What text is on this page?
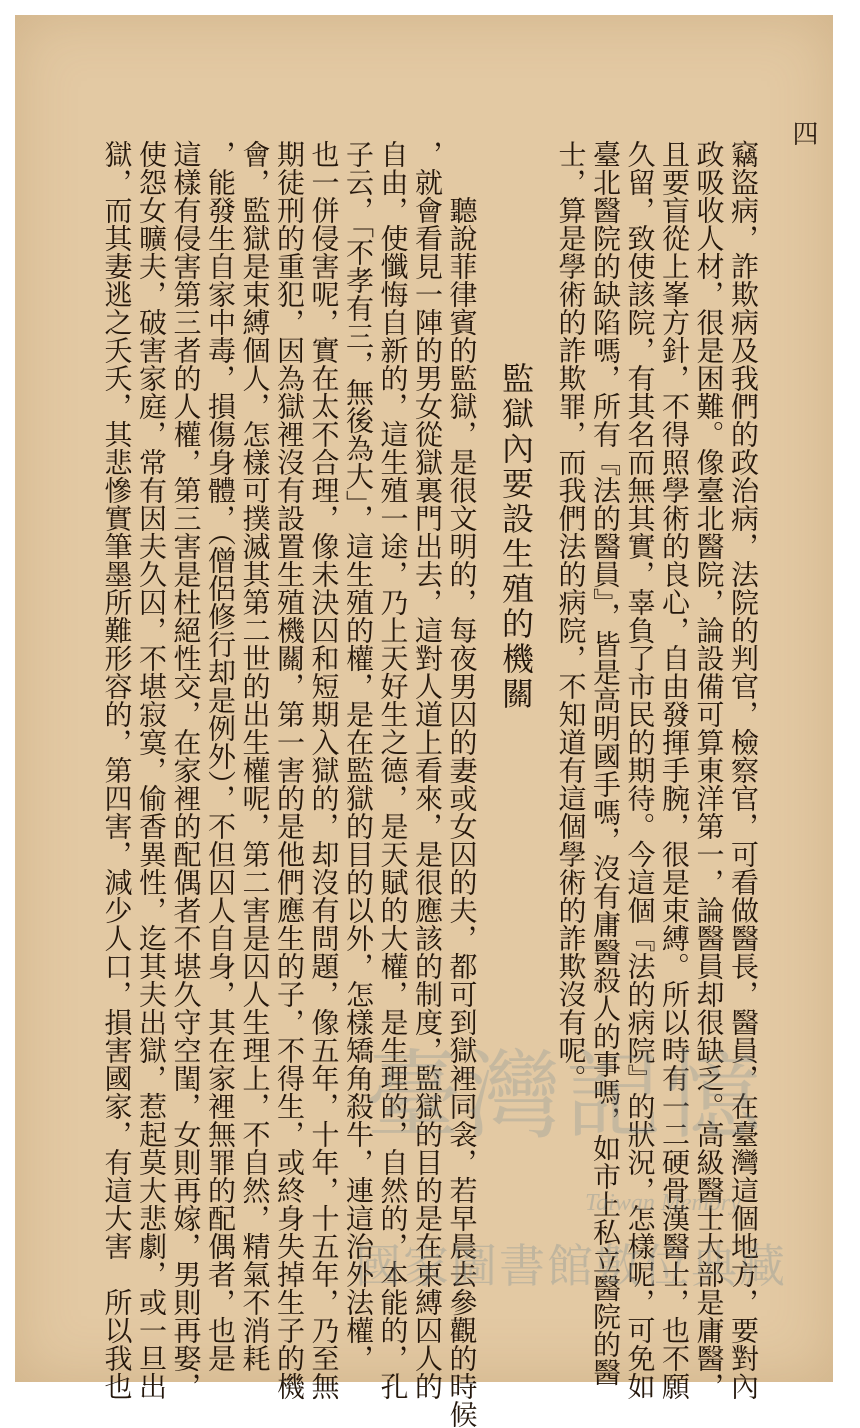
四
竊盜病，詐欺病及我們的政治病，法院的判官，檢察官，可看做醫長，醫員，在臺灣這個地方，要對內
政吸收人材，很是困難。像臺北醫院，論設備可算東洋第一，論醫員却很缺乏。高級醫士大部是庸醫，
且要盲從上峯方針，不得照學術的良心，自由發揮手腕，很是束縛。所以時有一二硬骨漢醫士，也不願
久留，致使該院，有其名而無其實，辜負了市民的期待。今這個『法的病院』的狀況，怎樣呢，可免如
臺北醫院的缺陷嗎，所有『法的醫員』，皆是高明國手嗎，沒有庸醫殺人的事嗎，如市上私立醫院的醫
士，算是學術的詐欺罪，而我們法的病院，不知道有這個學術的詐欺沒有呢。
監獄內要設生殖的機關
聽說菲律賓的監獄，是很文明的，每夜男囚的妻或女囚的夫，都可到獄裡同衾，若早晨去參觀的時候
，就會看見一陣的男女從獄裏門出去，這對人道上看來，是很應該的制度，監獄的目的是在束縛囚人的
自由，使懺悔自新的，這生殖一途，乃上天好生之德，是天賦的大權，是生理的，自然的，本能的，孔
子云，「不孝有三，無後為大」，這生殖的權，是在監獄的目的以外，怎樣矯角殺牛，連這治外法權，
也一併侵害呢，實在太不合理，像未決囚和短期入獄的，却沒有問題，像五年，十年，十五年，乃至無
期徒刑的重犯，因為獄裡沒有設置生殖機關，第一害的是他們應生的子，不得生，或終身失掉生子的機
會，監獄是束縛個人，怎樣可撲滅其第二世的出生權呢，第二害是囚人生理上，不自然，精氣不消耗
，能發生自家中毒，損傷身體，（僧侶修行却是例外），不但囚人自身，其在家裡無罪的配偶者，也是
這樣有侵害第三者的人權，第三害是杜絕性交，在家裡的配偶者不堪久守空閨，女則再嫁，男則再娶，
使怨女曠夫，破害家庭，常有因夫久囚，不堪寂寞，偷香異性，迄其夫出獄，惹起莫大悲劇，或一旦出
獄，而其妻逃之夭夭，其悲慘實筆墨所難形容的，第四害，減少人口，損害國家，有這大害　所以我也 臺灣記憶
Taiwan Memory
國家圖書館數位典藏
